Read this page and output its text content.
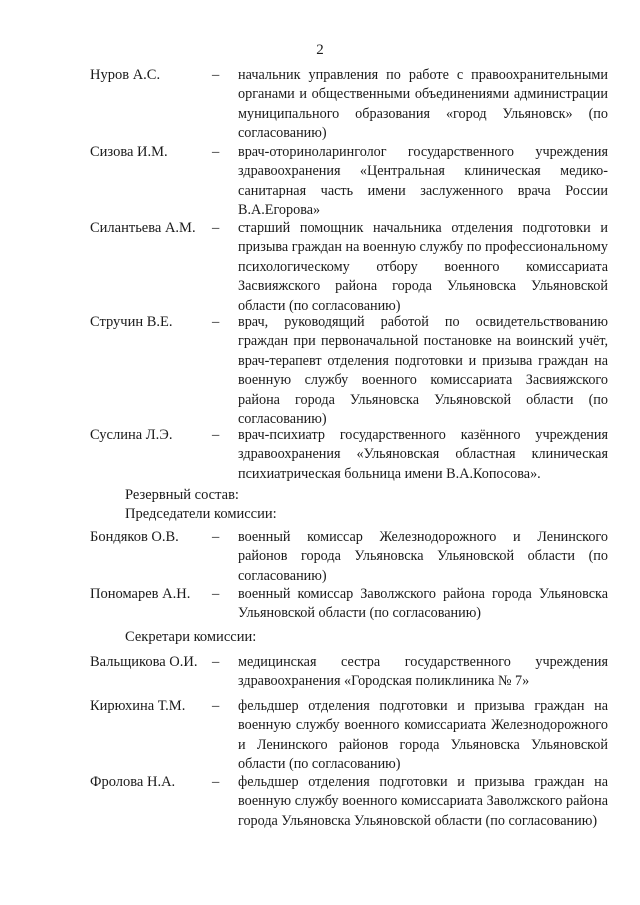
2
Нуров А.С.	– начальник управления по работе с правоохранительными органами и общественными объединениями администрации муниципального образования «город Ульяновск» (по согласованию)
Сизова И.М.	– врач-оториноларинголог государственного учреждения здравоохранения «Центральная клиническая медико-санитарная часть имени заслуженного врача России В.А.Егорова»
Силантьева А.М. – старший помощник начальника отделения подготовки и призыва граждан на военную службу по профессиональному психологическому отбору военного комиссариата Засвияжского района города Ульяновска Ульяновской области (по согласованию)
Стручин В.Е.	– врач, руководящий работой по освидетельствованию граждан при первоначальной постановке на воинский учёт, врач-терапевт отделения подготовки и призыва граждан на военную службу военного комиссариата Засвияжского района города Ульяновска Ульяновской области (по согласованию)
Суслина Л.Э.	– врач-психиатр государственного казённого учреждения здравоохранения «Ульяновская областная клиническая психиатрическая больница имени В.А.Копосова».
Резервный состав:
Председатели комиссии:
Бондяков О.В. – военный комиссар Железнодорожного и Ленинского районов города Ульяновска Ульяновской области (по согласованию)
Пономарев А.Н. – военный комиссар Заволжского района города Ульяновска Ульяновской области (по согласованию)
Секретари комиссии:
Вальщикова О.И. – медицинская сестра государственного учреждения здравоохранения «Городская поликлиника № 7»
Кирюхина Т.М. – фельдшер отделения подготовки и призыва граждан на военную службу военного комиссариата Железнодорожного и Ленинского районов города Ульяновска Ульяновской области (по согласованию)
Фролова Н.А.	– фельдшер отделения подготовки и призыва граждан на военную службу военного комиссариата Заволжского района города Ульяновска Ульяновской области (по согласованию)
